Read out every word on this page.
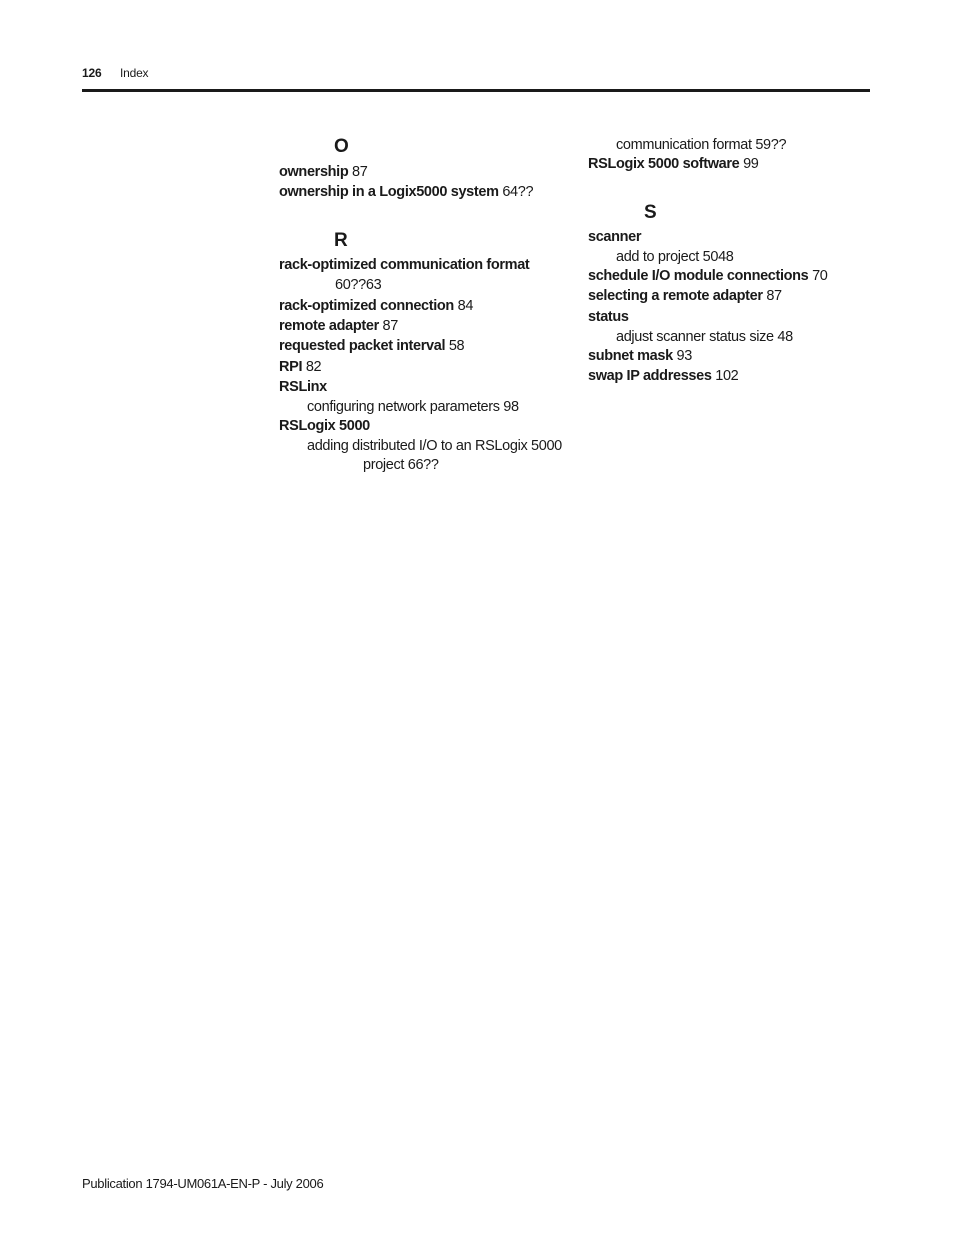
126 Index
O
ownership 87
ownership in a Logix5000 system 64??
R
rack-optimized communication format
60??63
rack-optimized connection 84
remote adapter 87
requested packet interval 58
RPI 82
RSLinx
configuring network parameters 98
RSLogix 5000
adding distributed I/O to an RSLogix 5000
project 66??
communication format 59??
RSLogix 5000 software 99
S
scanner
add to project 5048
schedule I/O module connections 70
selecting a remote adapter 87
status
adjust scanner status size 48
subnet mask 93
swap IP addresses 102
Publication 1794-UM061A-EN-P - July 2006
